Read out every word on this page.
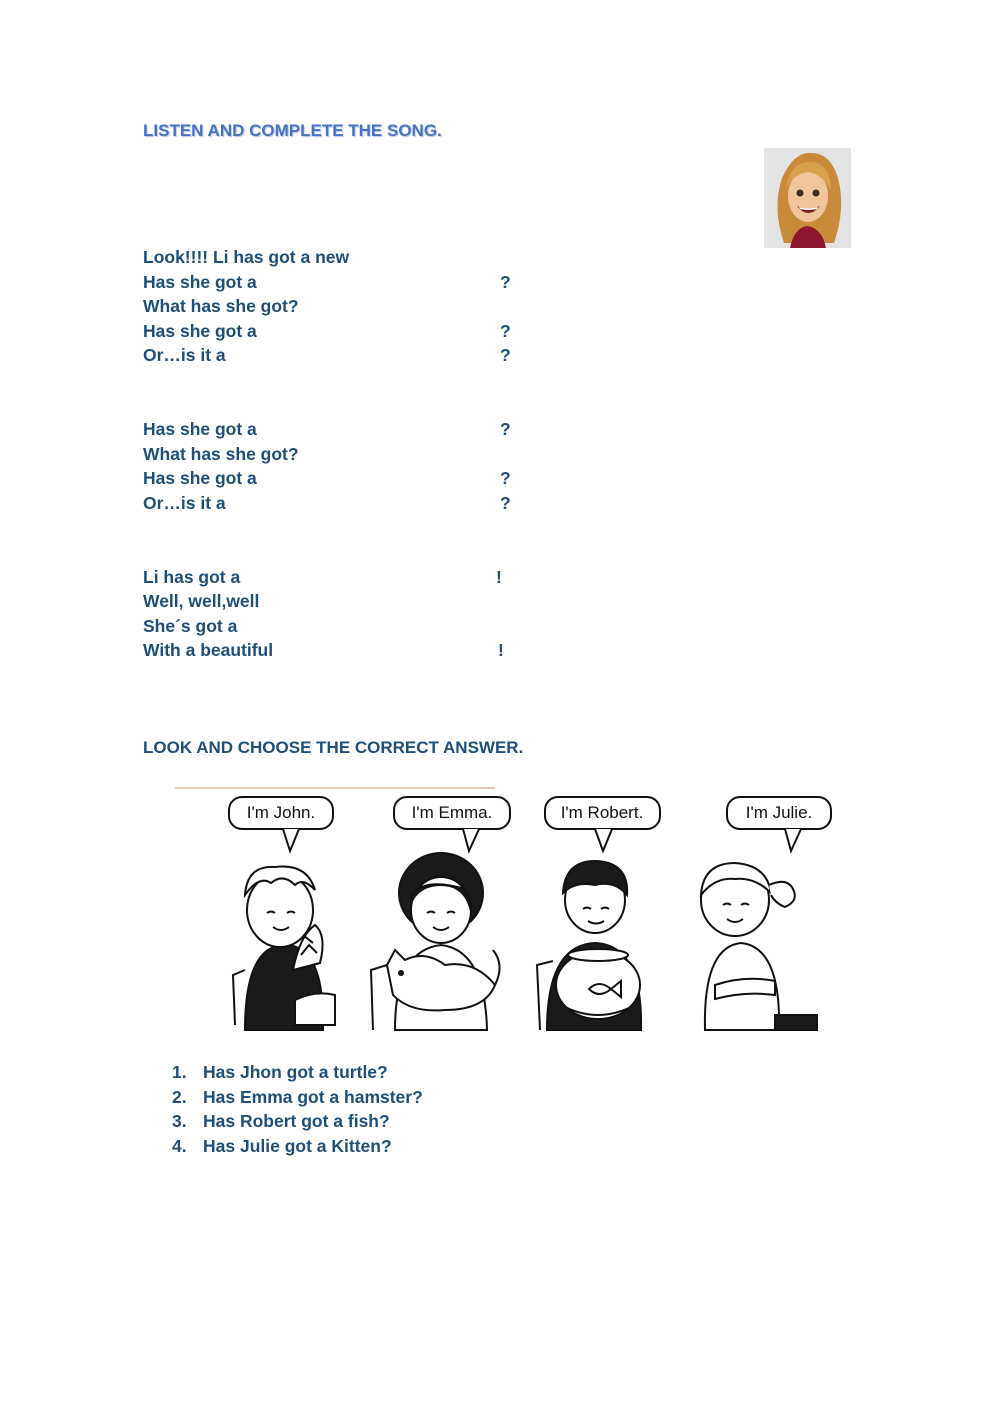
LISTEN AND COMPLETE THE SONG.
Look!!!! Li has got a new
Has she got a	?
What has she got?
Has she got a	?
Or…is it a	?
Has she got a	?
What has she got?
Has she got a	?
Or…is it a	?
Li has got a	!
Well, well,well
She´s got a
With a beautiful	!
LOOK AND CHOOSE THE CORRECT ANSWER.
I'm John.	I'm Emma.	I'm Robert.	I'm Julie.
1. Has Jhon got a turtle?
2. Has Emma got a hamster?
3. Has Robert got a fish?
4. Has Julie got a Kitten?
